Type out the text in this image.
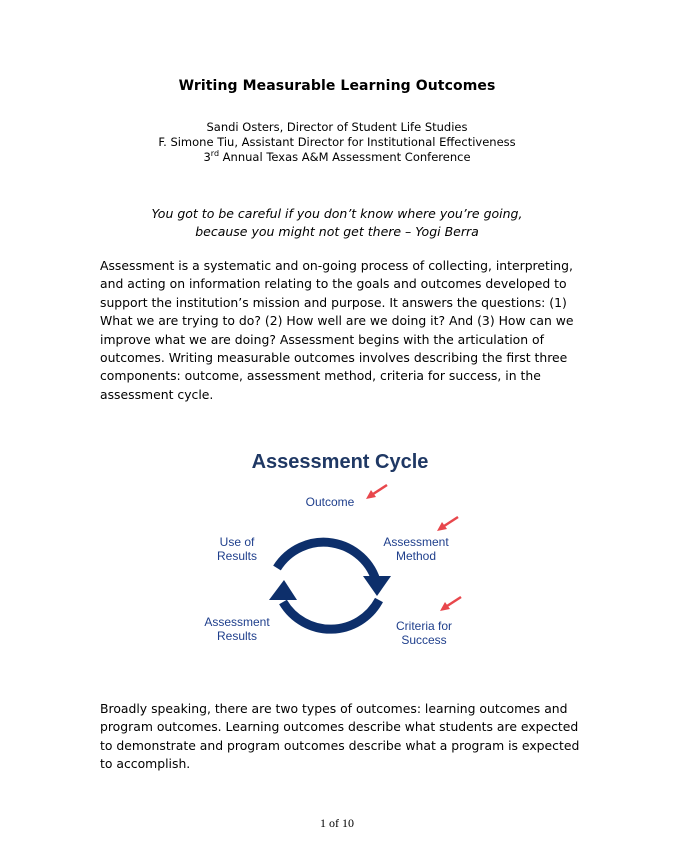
Writing Measurable Learning Outcomes
Sandi Osters, Director of Student Life Studies
F. Simone Tiu, Assistant Director for Institutional Effectiveness
3rd Annual Texas A&M Assessment Conference
You got to be careful if you don’t know where you’re going,
because you might not get there – Yogi Berra
Assessment is a systematic and on-going process of collecting, interpreting, and acting on information relating to the goals and outcomes developed to support the institution’s mission and purpose. It answers the questions: (1) What we are trying to do? (2) How well are we doing it? And (3) How can we improve what we are doing? Assessment begins with the articulation of outcomes. Writing measurable outcomes involves describing the first three components: outcome, assessment method, criteria for success, in the assessment cycle.
Assessment Cycle
Outcome
Assessment
Method
Criteria for
Success
Assessment
Results
Use of
Results
Broadly speaking, there are two types of outcomes: learning outcomes and program outcomes. Learning outcomes describe what students are expected to demonstrate and program outcomes describe what a program is expected to accomplish.
1 of 10
